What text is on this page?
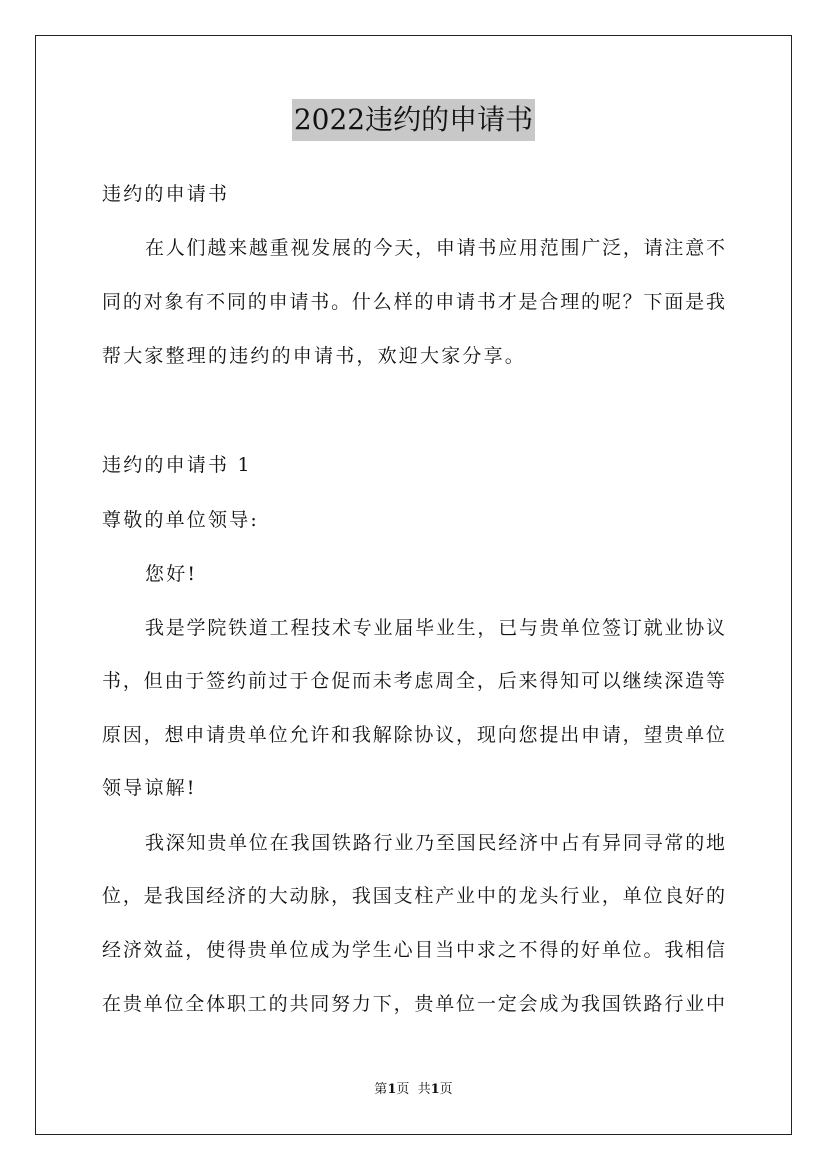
2022违约的申请书
违约的申请书
在人们越来越重视发展的今天，申请书应用范围广泛，请注意不
同的对象有不同的申请书。什么样的申请书才是合理的呢？下面是我
帮大家整理的违约的申请书，欢迎大家分享。
违约的申请书 1
尊敬的单位领导:
您好!
我是学院铁道工程技术专业届毕业生，已与贵单位签订就业协议
书，但由于签约前过于仓促而未考虑周全，后来得知可以继续深造等
原因，想申请贵单位允许和我解除协议，现向您提出申请，望贵单位
领导谅解!
我深知贵单位在我国铁路行业乃至国民经济中占有异同寻常的地
位，是我国经济的大动脉，我国支柱产业中的龙头行业，单位良好的
经济效益，使得贵单位成为学生心目当中求之不得的好单位。我相信
在贵单位全体职工的共同努力下，贵单位一定会成为我国铁路行业中
第1页  共1页
